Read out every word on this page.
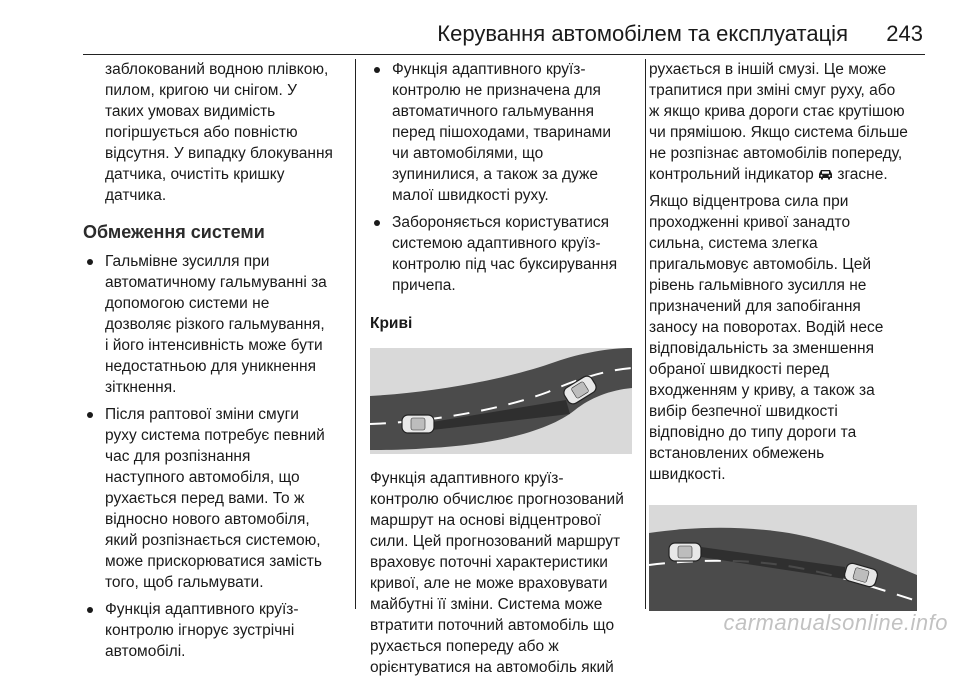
Керування автомобілем та експлуатація 243

заблокований водною плівкою,
пилом, кригою чи снігом. У
таких умовах видимість
погіршується або повністю
відсутня. У випадку блокування
датчика, очистіть кришку
датчика.

Обмеження системи

Гальмівне зусилля при
автоматичному гальмуванні за
допомогою системи не
дозволяє різкого гальмування,
і його інтенсивність може бути
недостатньою для уникнення
зіткнення.
Після раптової зміни смуги
руху система потребує певний
час для розпізнання
наступного автомобіля, що
рухається перед вами. То ж
відносно нового автомобіля,
який розпізнається системою,
може прискорюватися замість
того, щоб гальмувати.
Функція адаптивного круїз-
контролю ігнорує зустрічні
автомобілі.
Функція адаптивного круїз-
контролю не призначена для
автоматичного гальмування
перед пішоходами, тваринами
чи автомобілями, що
зупинилися, а також за дуже
малої швидкості руху.
Забороняється користуватися
системою адаптивного круїз-
контролю під час буксирування
причепа.

Криві

Функція адаптивного круїз-
контролю обчислює прогнозований
маршрут на основі відцентрової
сили. Цей прогнозований маршрут
враховує поточні характеристики
кривої, але не може враховувати
майбутні її зміни. Система може
втратити поточний автомобіль що
рухається попереду або ж
орієнтуватися на автомобіль який

рухається в іншій смузі. Це може
трапитися при зміні смуг руху, або
ж якщо крива дороги стає крутішою
чи прямішою. Якщо система більше
не розпізнає автомобілів попереду,
контрольний індикатор згасне.

Якщо відцентрова сила при
проходженні кривої занадто
сильна, система злегка
пригальмовує автомобіль. Цей
рівень гальмівного зусилля не
призначений для запобігання
заносу на поворотах. Водій несе
відповідальність за зменшення
обраної швидкості перед
входженням у криву, а також за
вибір безпечної швидкості
відповідно до типу дороги та
встановлених обмежень
швидкості.

carmanualsonline.info
